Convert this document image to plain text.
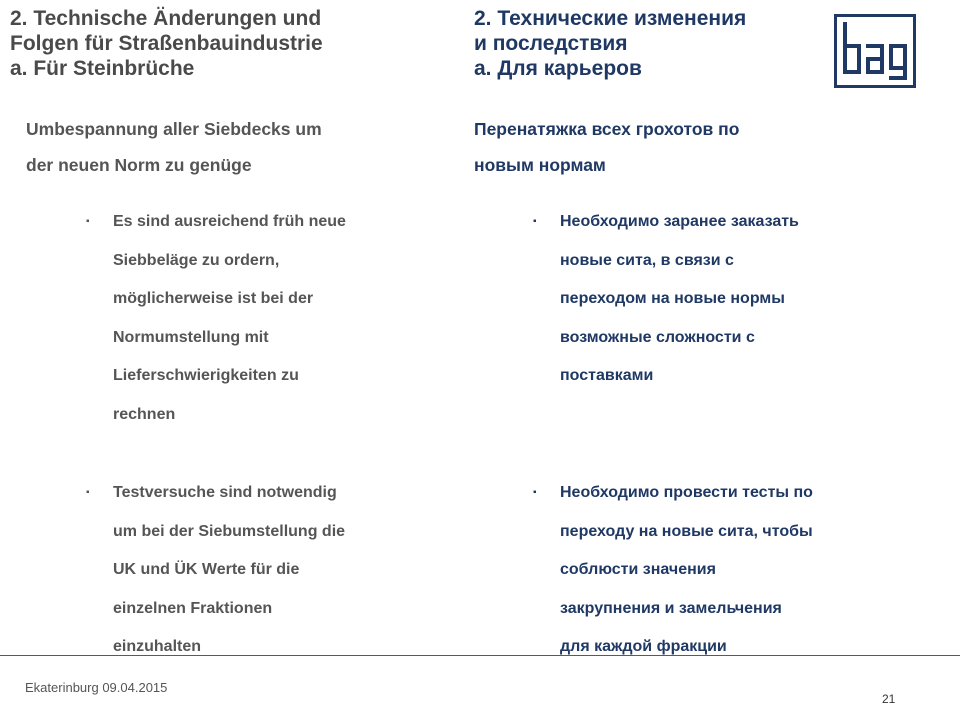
2. Technische Änderungen und
Folgen für Straßenbauindustrie
a. Für Steinbrüche
2. Технические изменения
и последствия
а. Для карьеров
Umbespannung aller Siebdecks um
der neuen Norm zu genüge
Перенатяжка всех грохотов по
новым нормам
▪	Es sind ausreichend früh neue
Siebbeläge zu ordern,
möglicherweise ist bei der
Normumstellung mit
Lieferschwierigkeiten zu
rechnen
▪	Testversuche sind notwendig
um bei der Siebumstellung die
UK und ÜK Werte für die
einzelnen Fraktionen
einzuhalten
▪	Необходимо заранее заказать
новые сита, в связи с
переходом на новые нормы
возможные сложности с
поставками
▪	Необходимо провести тесты по
переходу на новые сита, чтобы
соблюсти значения
закрупнения и замельчения
для каждой фракции
Ekaterinburg 09.04.2015
21
